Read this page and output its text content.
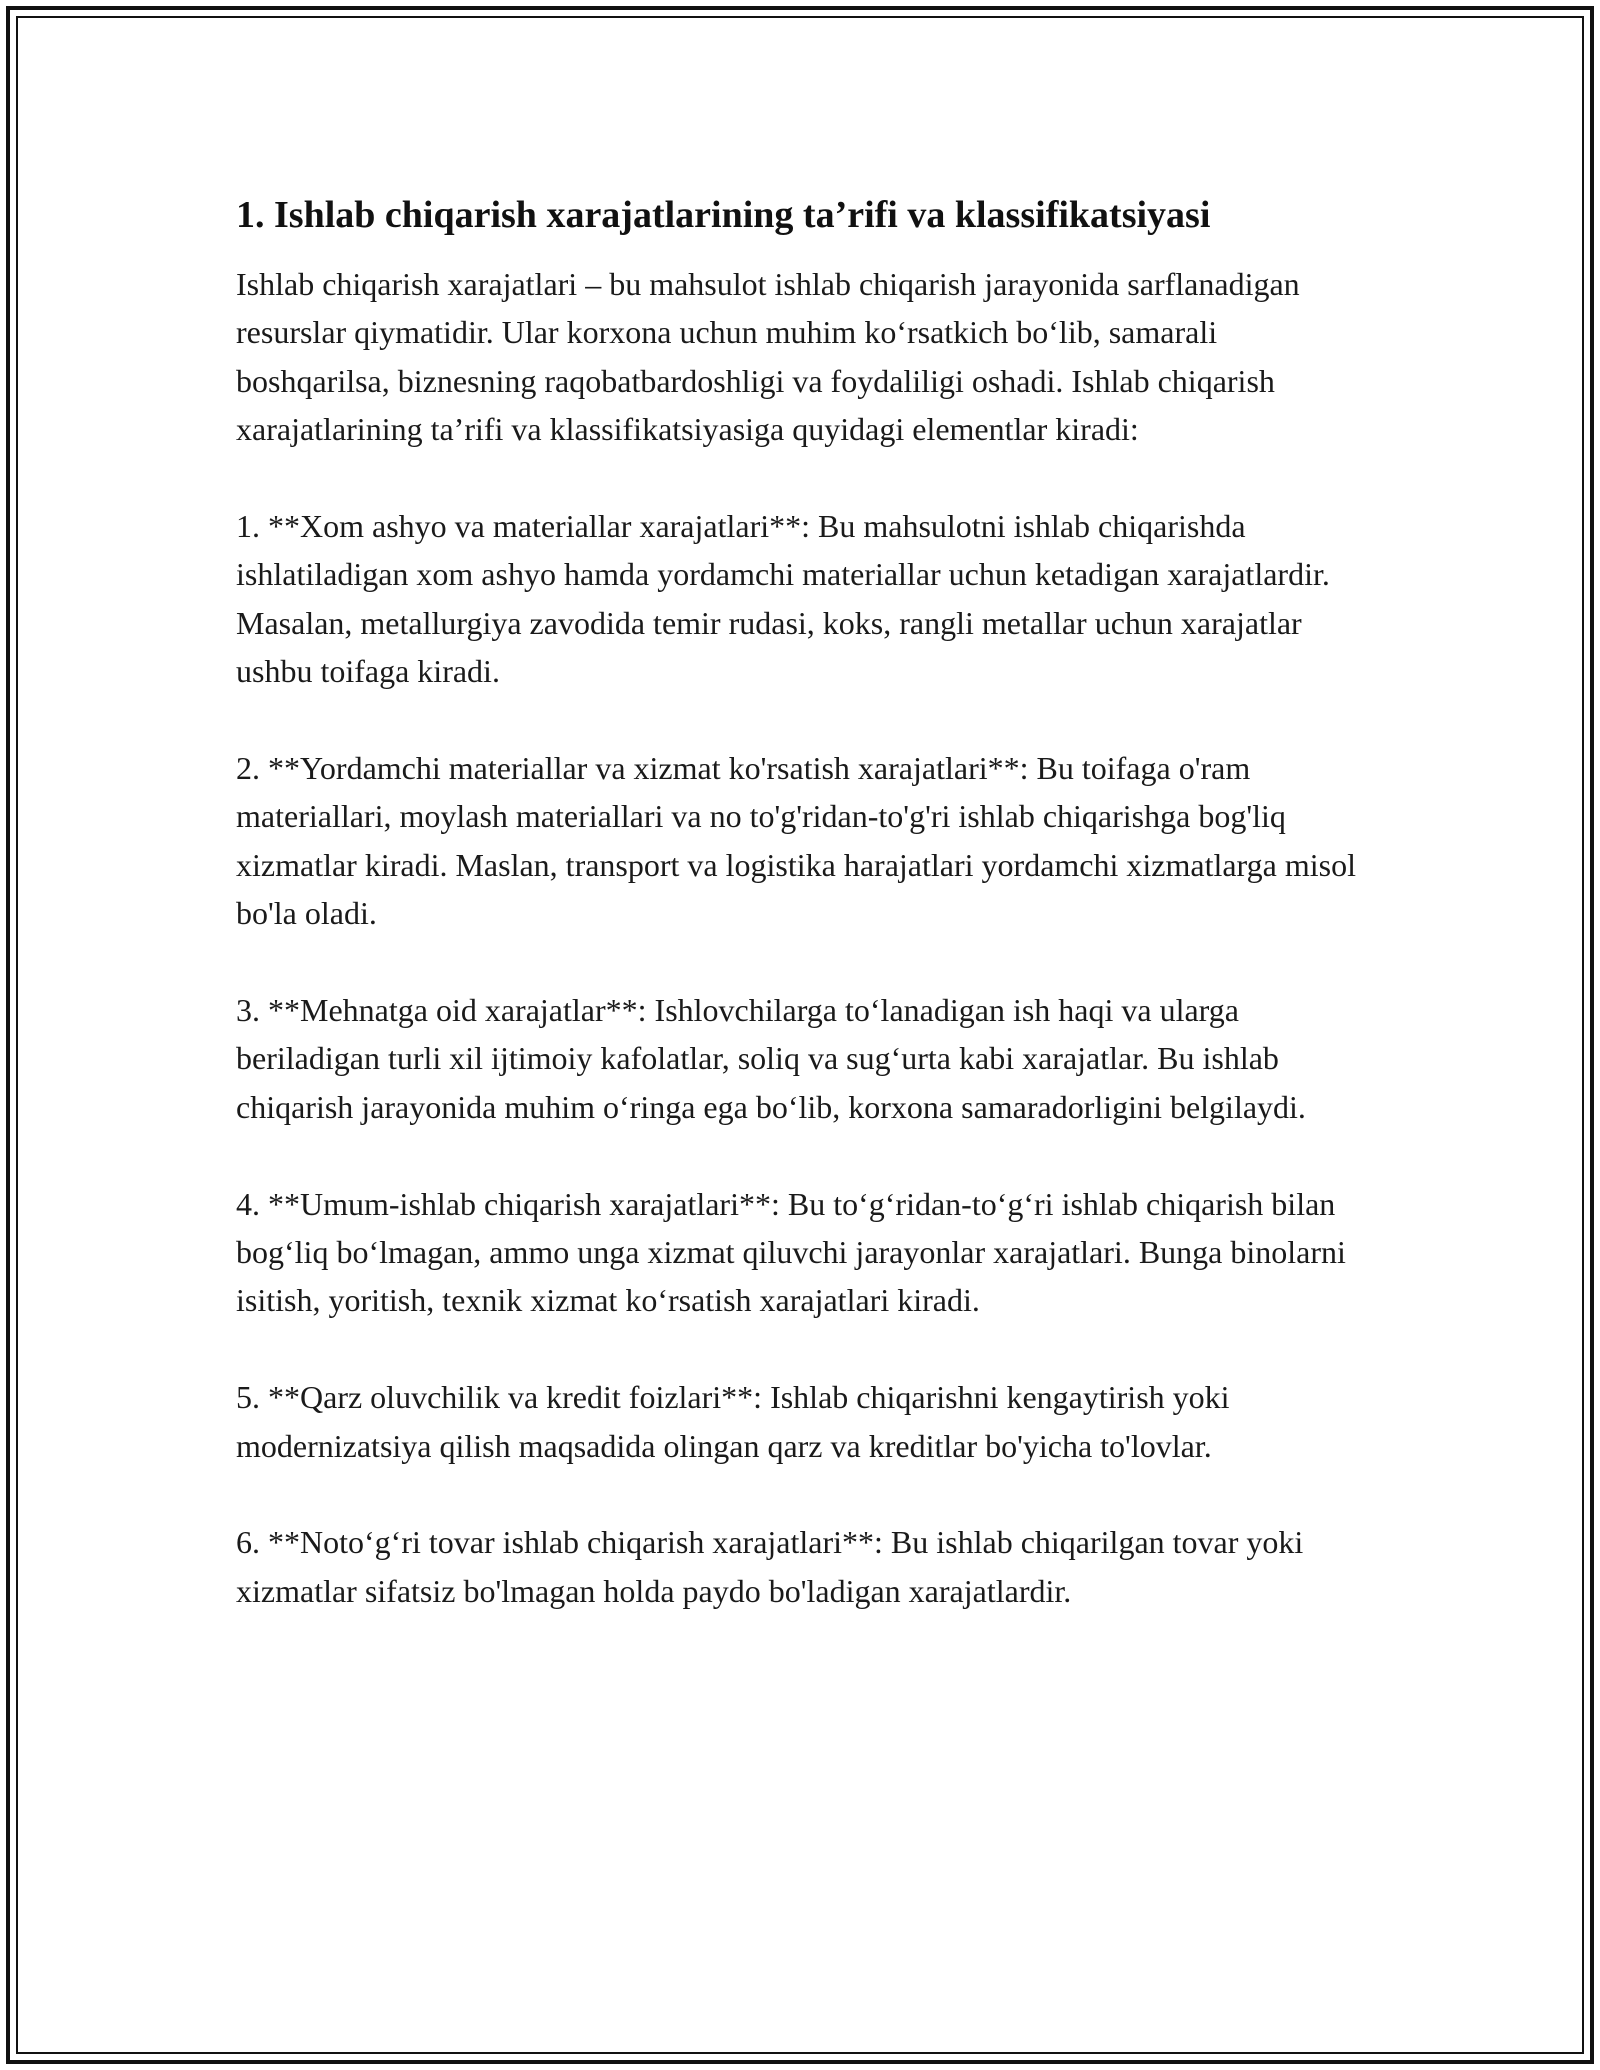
1. Ishlab chiqarish xarajatlarining ta’rifi va klassifikatsiyasi

Ishlab chiqarish xarajatlari – bu mahsulot ishlab chiqarish jarayonida sarflanadigan resurslar qiymatidir. Ular korxona uchun muhim ko‘rsatkich bo‘lib, samarali boshqarilsa, biznesning raqobatbardoshligi va foydaliligi oshadi. Ishlab chiqarish xarajatlarining ta’rifi va klassifikatsiyasiga quyidagi elementlar kiradi:

1. **Xom ashyo va materiallar xarajatlari**: Bu mahsulotni ishlab chiqarishda ishlatiladigan xom ashyo hamda yordamchi materiallar uchun ketadigan xarajatlardir. Masalan, metallurgiya zavodida temir rudasi, koks, rangli metallar uchun xarajatlar ushbu toifaga kiradi.

2. **Yordamchi materiallar va xizmat ko'rsatish xarajatlari**: Bu toifaga o'ram materiallari, moylash materiallari va no to'g'ridan-to'g'ri ishlab chiqarishga bog'liq xizmatlar kiradi. Maslan, transport va logistika harajatlari yordamchi xizmatlarga misol bo'la oladi.

3. **Mehnatga oid xarajatlar**: Ishlovchilarga to‘lanadigan ish haqi va ularga beriladigan turli xil ijtimoiy kafolatlar, soliq va sug‘urta kabi xarajatlar. Bu ishlab chiqarish jarayonida muhim o‘ringa ega bo‘lib, korxona samaradorligini belgilaydi.

4. **Umum-ishlab chiqarish xarajatlari**: Bu to‘g‘ridan-to‘g‘ri ishlab chiqarish bilan bog‘liq bo‘lmagan, ammo unga xizmat qiluvchi jarayonlar xarajatlari. Bunga binolarni isitish, yoritish, texnik xizmat ko‘rsatish xarajatlari kiradi.

5. **Qarz oluvchilik va kredit foizlari**: Ishlab chiqarishni kengaytirish yoki modernizatsiya qilish maqsadida olingan qarz va kreditlar bo'yicha to'lovlar.

6. **Noto‘g‘ri tovar ishlab chiqarish xarajatlari**: Bu ishlab chiqarilgan tovar yoki xizmatlar sifatsiz bo'lmagan holda paydo bo'ladigan xarajatlardir.
